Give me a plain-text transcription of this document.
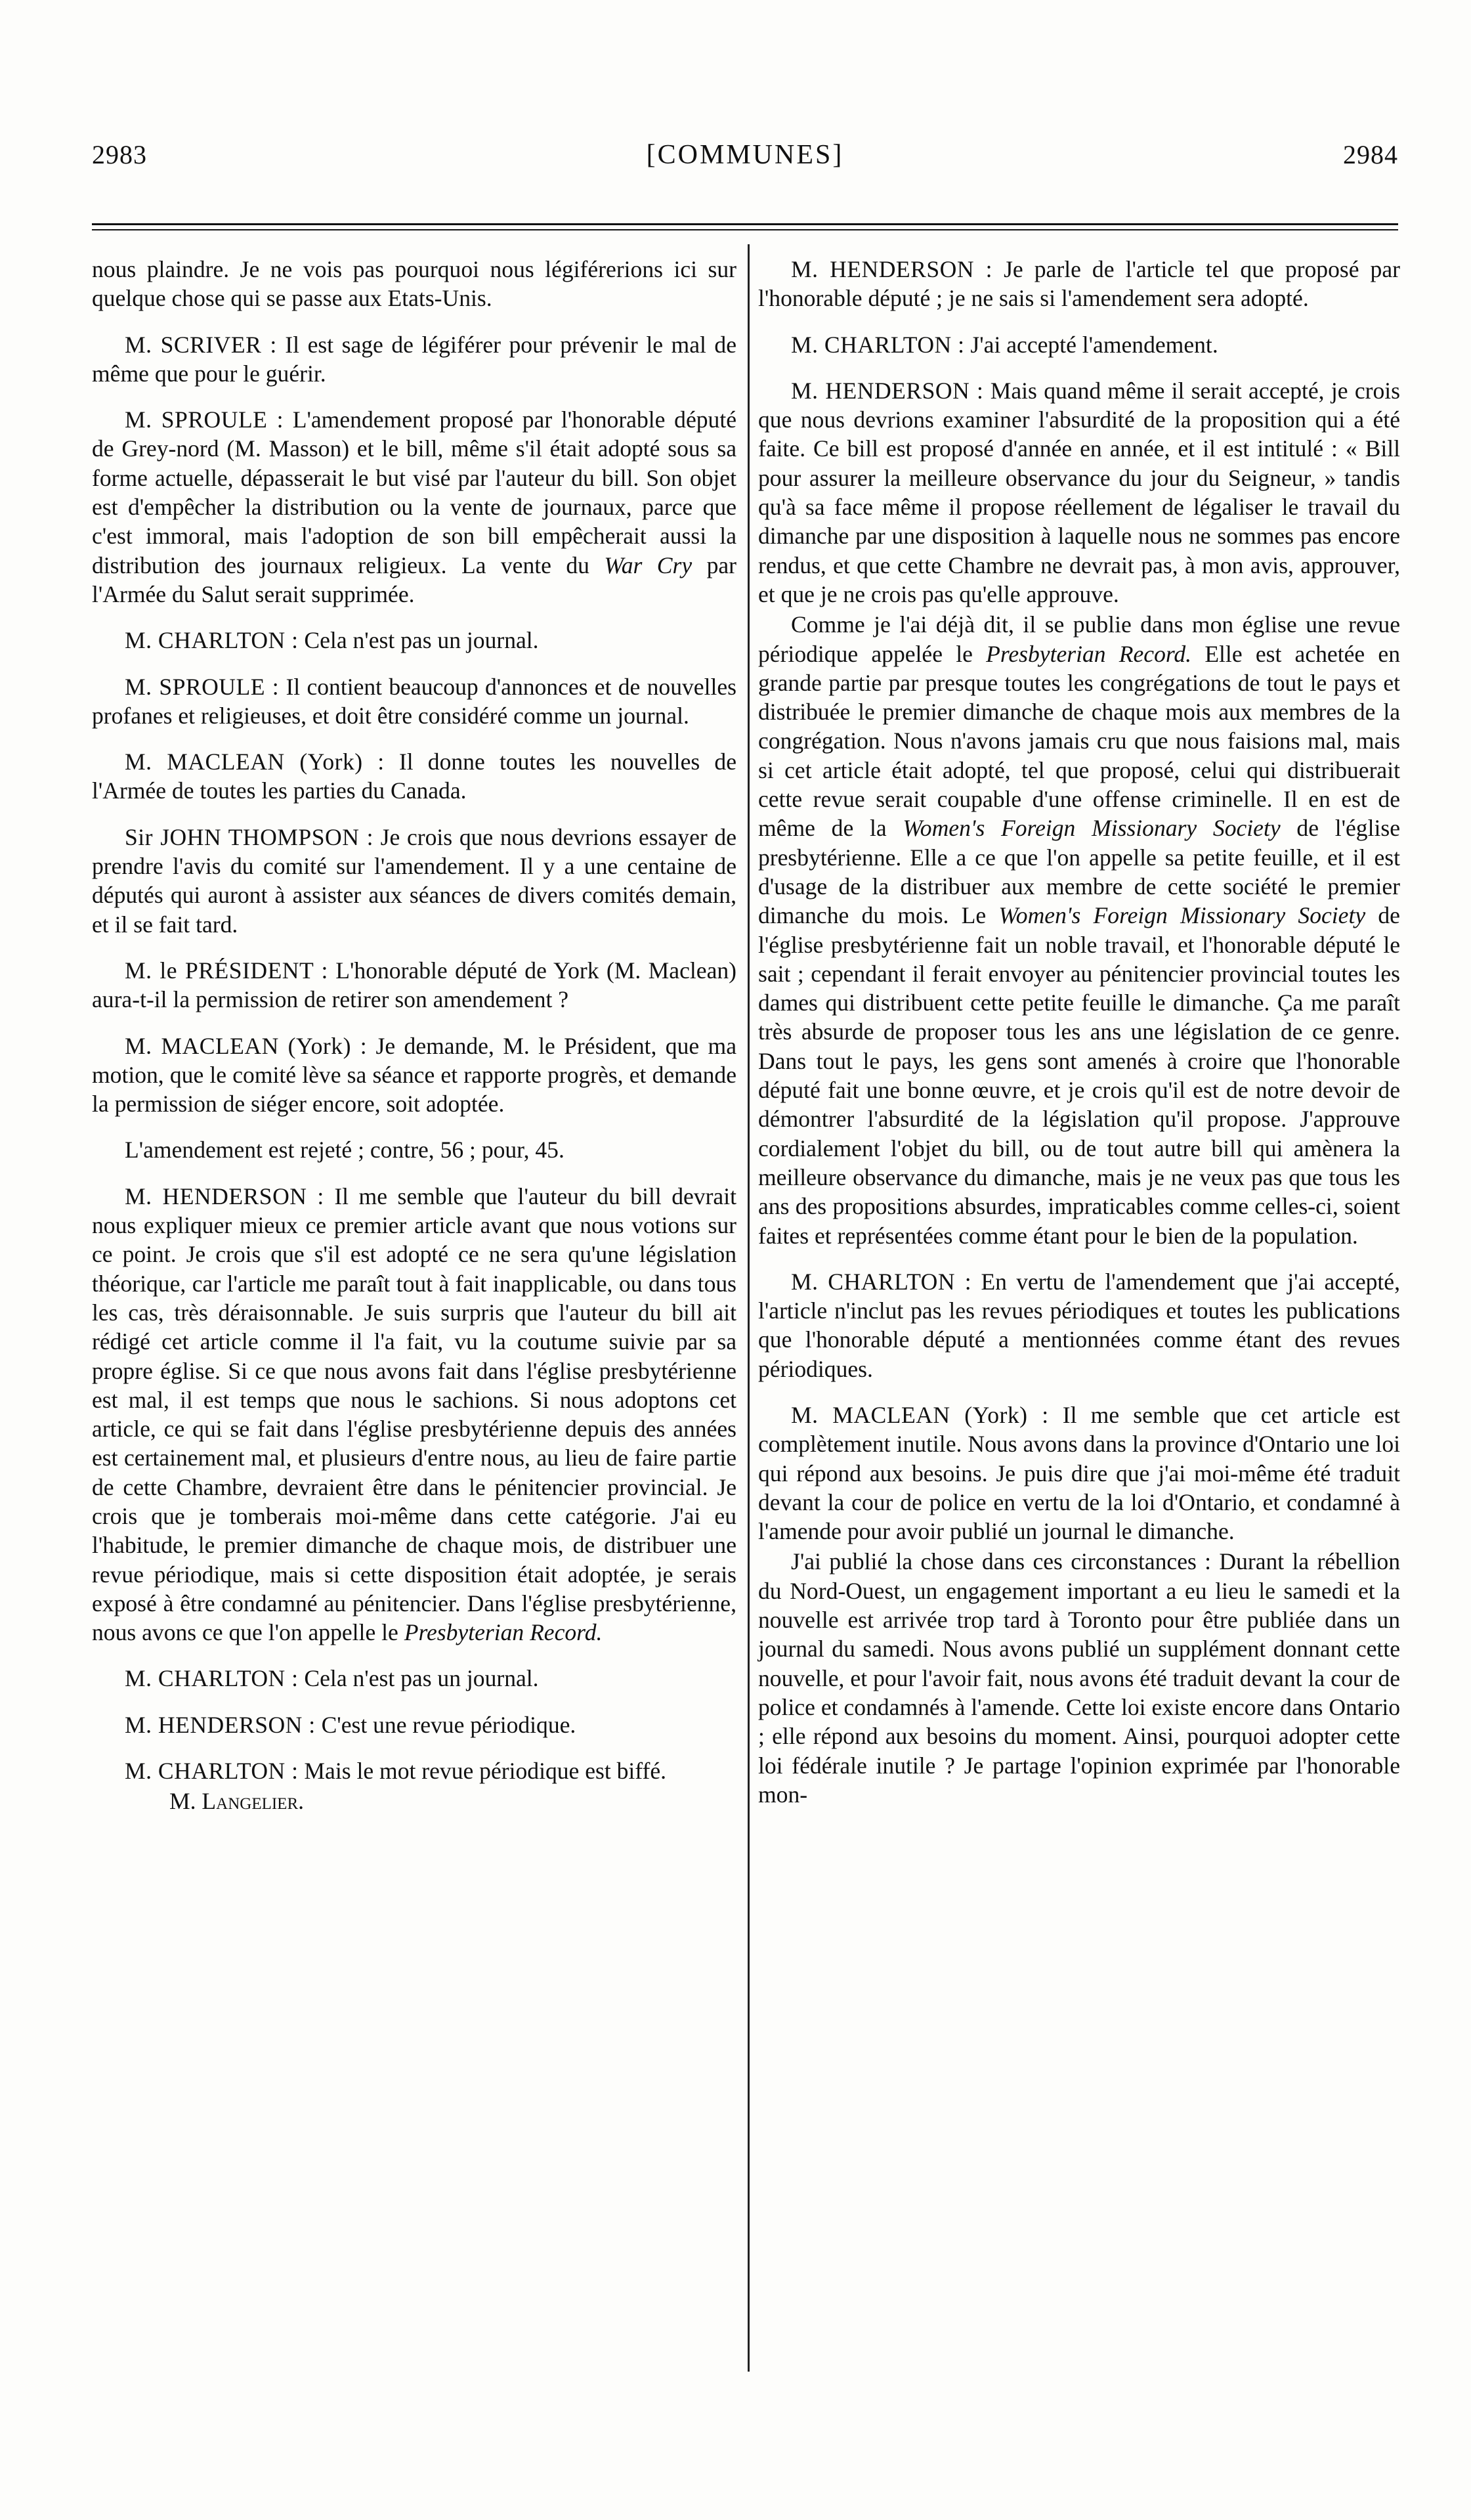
2983	[COMMUNES]	2984

nous plaindre. Je ne vois pas pourquoi nous légiférerions ici sur quelque chose qui se passe aux Etats-Unis.

M. SCRIVER : Il est sage de légiférer pour prévenir le mal de même que pour le guérir.

M. SPROULE : L'amendement proposé par l'honorable député de Grey-nord (M. Masson) et le bill, même s'il était adopté sous sa forme actuelle, dépasserait le but visé par l'auteur du bill. Son objet est d'empêcher la distribution ou la vente de journaux, parce que c'est immoral, mais l'adoption de son bill empêcherait aussi la distribution des journaux religieux. La vente du War Cry par l'Armée du Salut serait supprimée.

M. CHARLTON : Cela n'est pas un journal.

M. SPROULE : Il contient beaucoup d'annonces et de nouvelles profanes et religieuses, et doit être considéré comme un journal.

M. MACLEAN (York) : Il donne toutes les nouvelles de l'Armée de toutes les parties du Canada.

Sir JOHN THOMPSON : Je crois que nous devrions essayer de prendre l'avis du comité sur l'amendement. Il y a une centaine de députés qui auront à assister aux séances de divers comités demain, et il se fait tard.

M. le PRÉSIDENT : L'honorable député de York (M. Maclean) aura-t-il la permission de retirer son amendement ?

M. MACLEAN (York) : Je demande, M. le Président, que ma motion, que le comité lève sa séance et rapporte progrès, et demande la permission de siéger encore, soit adoptée.

L'amendement est rejeté ; contre, 56 ; pour, 45.

M. HENDERSON : Il me semble que l'auteur du bill devrait nous expliquer mieux ce premier article avant que nous votions sur ce point. Je crois que s'il est adopté ce ne sera qu'une législation théorique, car l'article me paraît tout à fait inapplicable, ou dans tous les cas, très déraisonnable. Je suis surpris que l'auteur du bill ait rédigé cet article comme il l'a fait, vu la coutume suivie par sa propre église. Si ce que nous avons fait dans l'église presbytérienne est mal, il est temps que nous le sachions. Si nous adoptons cet article, ce qui se fait dans l'église presbytérienne depuis des années est certainement mal, et plusieurs d'entre nous, au lieu de faire partie de cette Chambre, devraient être dans le pénitencier provincial. Je crois que je tomberais moi-même dans cette catégorie. J'ai eu l'habitude, le premier dimanche de chaque mois, de distribuer une revue périodique, mais si cette disposition était adoptée, je serais exposé à être condamné au pénitencier. Dans l'église presbytérienne, nous avons ce que l'on appelle le Presbyterian Record.

M. CHARLTON : Cela n'est pas un journal.

M. HENDERSON : C'est une revue périodique.

M. CHARLTON : Mais le mot revue périodique est biffé.

M. Langelier.

M. HENDERSON : Je parle de l'article tel que proposé par l'honorable député ; je ne sais si l'amendement sera adopté.

M. CHARLTON : J'ai accepté l'amendement.

M. HENDERSON : Mais quand même il serait accepté, je crois que nous devrions examiner l'absurdité de la proposition qui a été faite. Ce bill est proposé d'année en année, et il est intitulé : « Bill pour assurer la meilleure observance du jour du Seigneur, » tandis qu'à sa face même il propose réellement de légaliser le travail du dimanche par une disposition à laquelle nous ne sommes pas encore rendus, et que cette Chambre ne devrait pas, à mon avis, approuver, et que je ne crois pas qu'elle approuve.

Comme je l'ai déjà dit, il se publie dans mon église une revue périodique appelée le Presbyterian Record. Elle est achetée en grande partie par presque toutes les congrégations de tout le pays et distribuée le premier dimanche de chaque mois aux membres de la congrégation. Nous n'avons jamais cru que nous faisions mal, mais si cet article était adopté, tel que proposé, celui qui distribuerait cette revue serait coupable d'une offense criminelle. Il en est de même de la Women's Foreign Missionary Society de l'église presbytérienne. Elle a ce que l'on appelle sa petite feuille, et il est d'usage de la distribuer aux membre de cette société le premier dimanche du mois. Le Women's Foreign Missionary Society de l'église presbytérienne fait un noble travail, et l'honorable député le sait ; cependant il ferait envoyer au pénitencier provincial toutes les dames qui distribuent cette petite feuille le dimanche. Ça me paraît très absurde de proposer tous les ans une législation de ce genre. Dans tout le pays, les gens sont amenés à croire que l'honorable député fait une bonne œuvre, et je crois qu'il est de notre devoir de démontrer l'absurdité de la législation qu'il propose. J'approuve cordialement l'objet du bill, ou de tout autre bill qui amènera la meilleure observance du dimanche, mais je ne veux pas que tous les ans des propositions absurdes, impraticables comme celles-ci, soient faites et représentées comme étant pour le bien de la population.

M. CHARLTON : En vertu de l'amendement que j'ai accepté, l'article n'inclut pas les revues périodiques et toutes les publications que l'honorable député a mentionnées comme étant des revues périodiques.

M. MACLEAN (York) : Il me semble que cet article est complètement inutile. Nous avons dans la province d'Ontario une loi qui répond aux besoins. Je puis dire que j'ai moi-même été traduit devant la cour de police en vertu de la loi d'Ontario, et condamné à l'amende pour avoir publié un journal le dimanche.

J'ai publié la chose dans ces circonstances : Durant la rébellion du Nord-Ouest, un engagement important a eu lieu le samedi et la nouvelle est arrivée trop tard à Toronto pour être publiée dans un journal du samedi. Nous avons publié un supplément donnant cette nouvelle, et pour l'avoir fait, nous avons été traduit devant la cour de police et condamnés à l'amende. Cette loi existe encore dans Ontario ; elle répond aux besoins du moment. Ainsi, pourquoi adopter cette loi fédérale inutile ? Je partage l'opinion exprimée par l'honorable mon-
